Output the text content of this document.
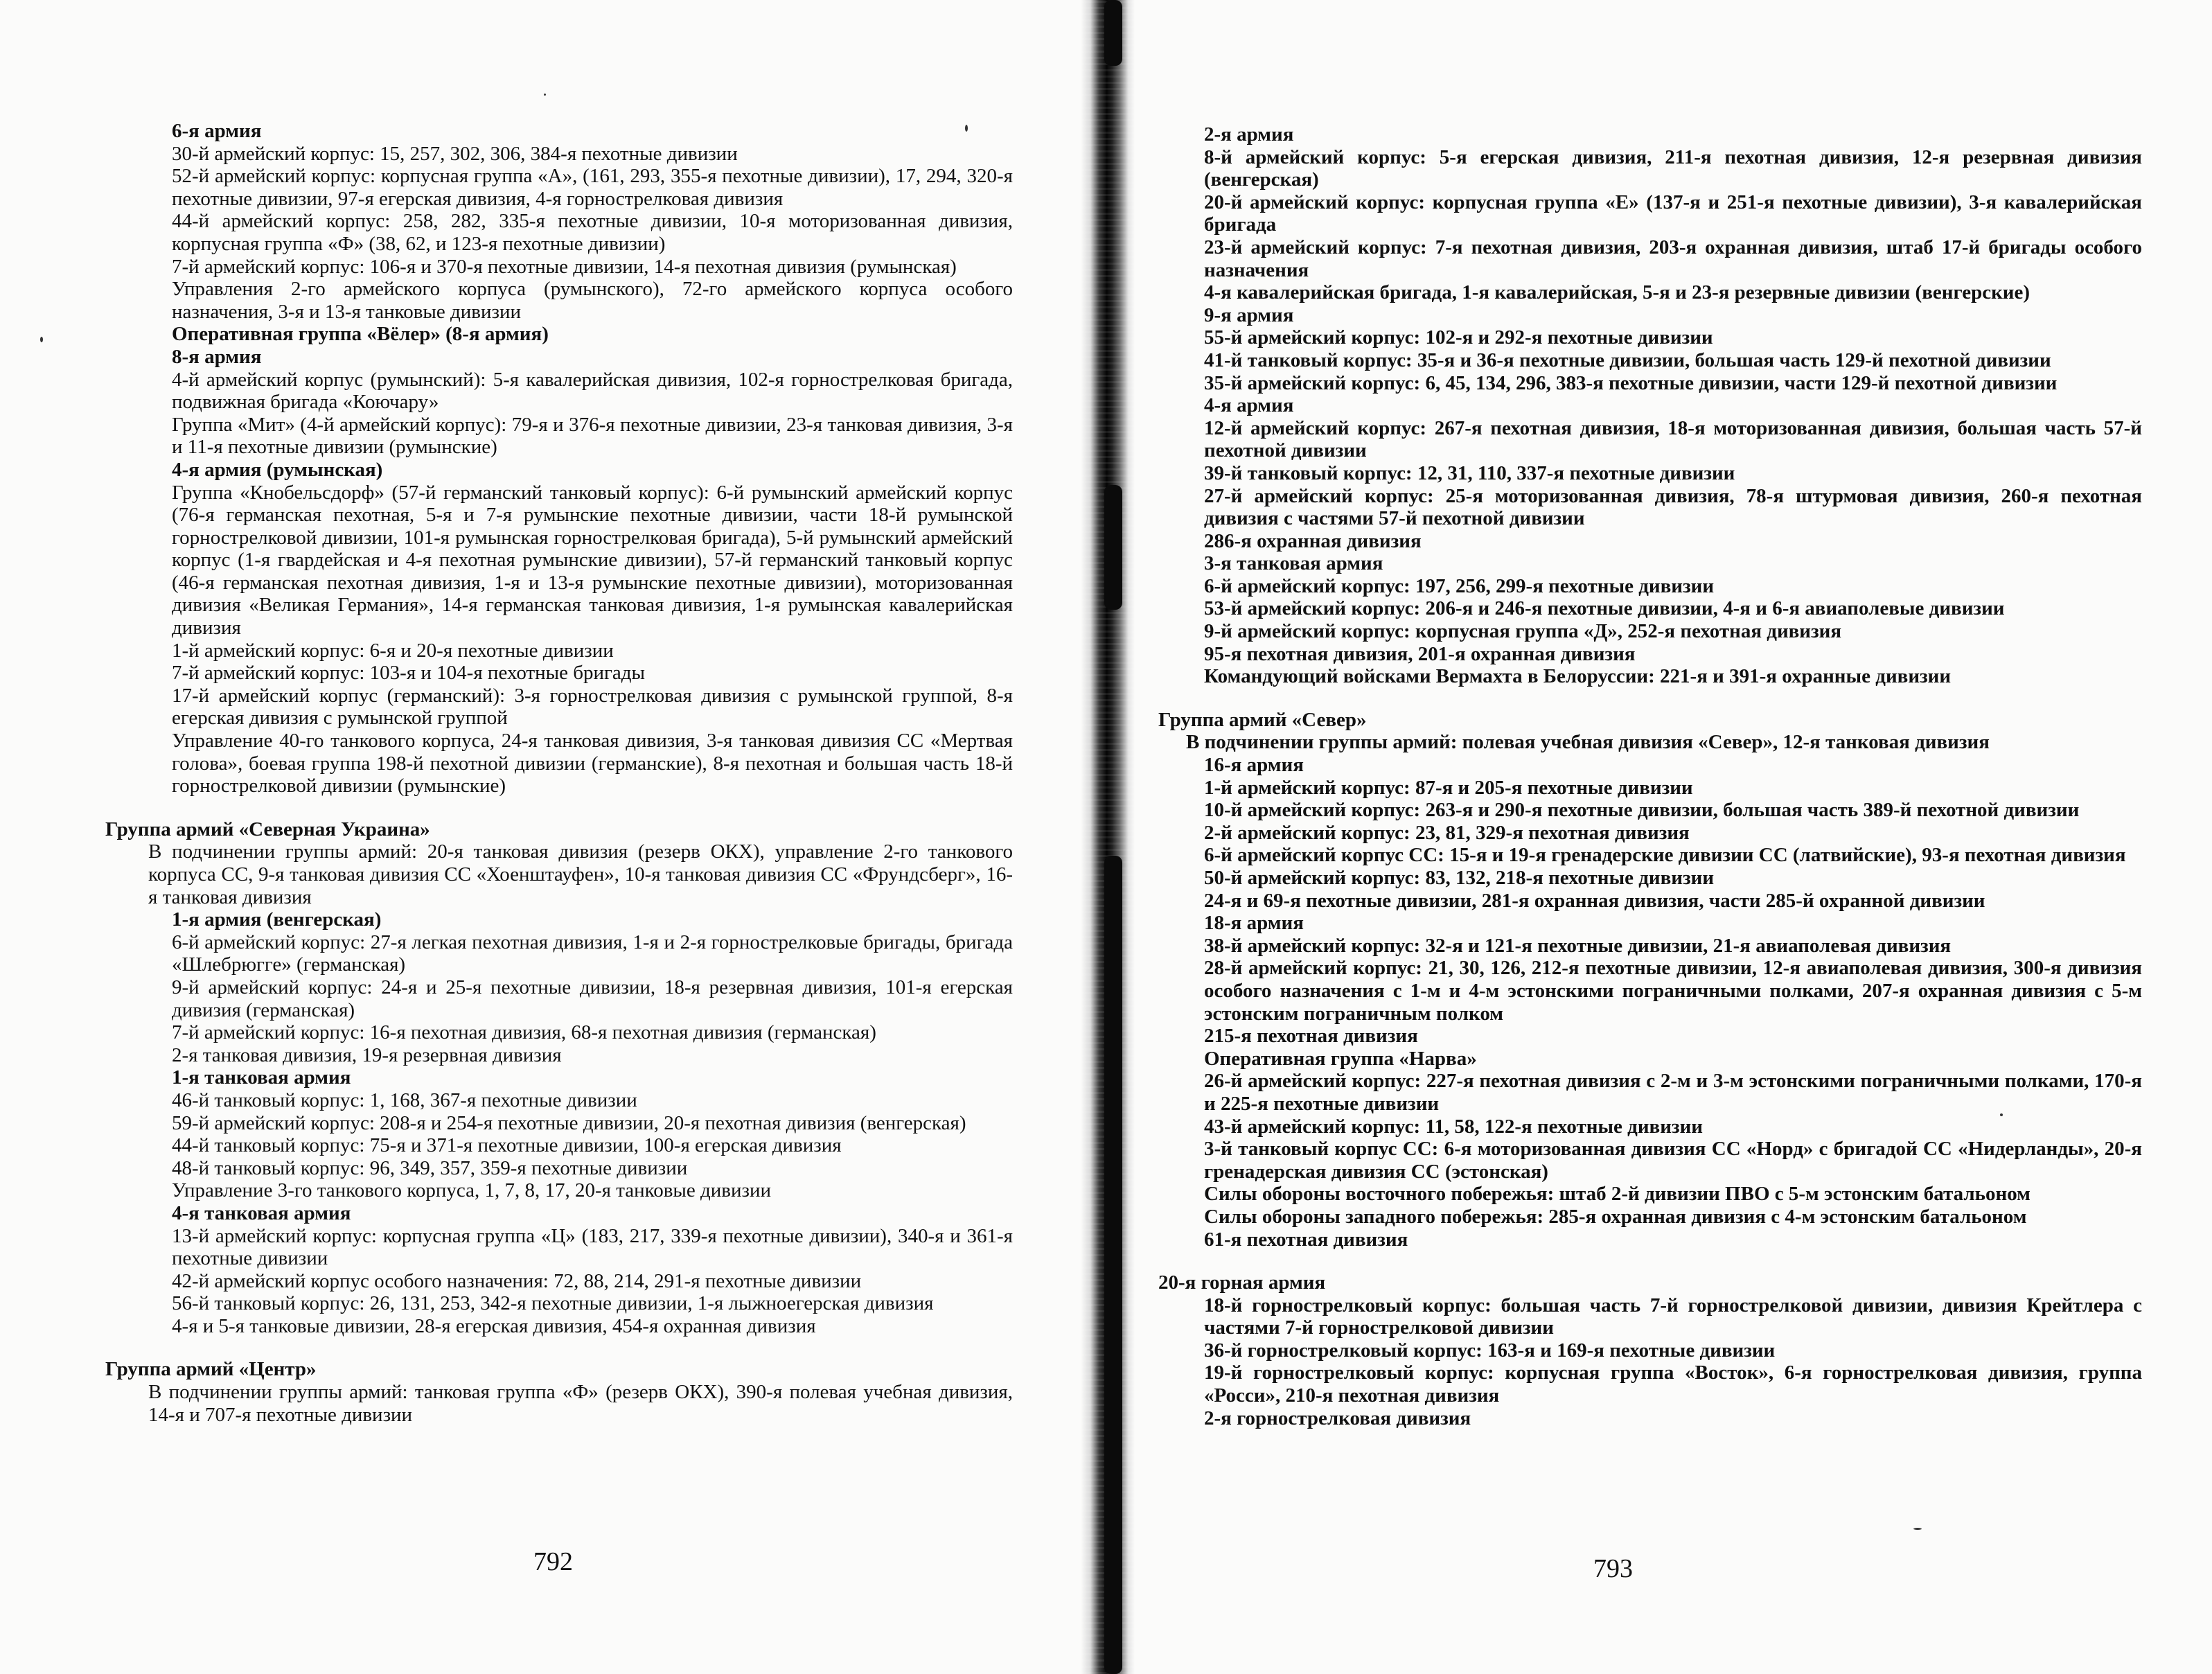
6-я армия

30-й армейский корпус: 15, 257, 302, 306, 384-я пехотные дивизии

52-й армейский корпус: корпусная группа «А», (161, 293, 355-я пехотные дивизии), 17, 294, 320-я пехотные дивизии, 97-я егерская дивизия, 4-я горнострелковая дивизия

44-й армейский корпус: 258, 282, 335-я пехотные дивизии, 10-я моторизованная дивизия, корпусная группа «Ф» (38, 62, и 123-я пехотные дивизии)

7-й армейский корпус: 106-я и 370-я пехотные дивизии, 14-я пехотная дивизия (румынская)

Управления 2-го армейского корпуса (румынского), 72-го армейского корпуса особого назначения, 3-я и 13-я танковые дивизии

Оперативная группа «Вёлер» (8-я армия)

8-я армия

4-й армейский корпус (румынский): 5-я кавалерийская дивизия, 102-я горнострелковая бригада, подвижная бригада «Коючару»

Группа «Мит» (4-й армейский корпус): 79-я и 376-я пехотные дивизии, 23-я танковая дивизия, 3-я и 11-я пехотные дивизии (румынские)

4-я армия (румынская)

Группа «Кнобельсдорф» (57-й германский танковый корпус): 6-й румынский армейский корпус (76-я германская пехотная, 5-я и 7-я румынские пехотные дивизии, части 18-й румынской горнострелковой дивизии, 101-я румынская горнострелковая бригада), 5-й румынский армейский корпус (1-я гвардейская и 4-я пехотная румынские дивизии), 57-й германский танковый корпус (46-я германская пехотная дивизия, 1-я и 13-я румынские пехотные дивизии), моторизованная дивизия «Великая Германия», 14-я германская танковая дивизия, 1-я румынская кавалерийская дивизия

1-й армейский корпус: 6-я и 20-я пехотные дивизии

7-й армейский корпус: 103-я и 104-я пехотные бригады

17-й армейский корпус (германский): 3-я горнострелковая дивизия с румынской группой, 8-я егерская дивизия с румынской группой

Управление 40-го танкового корпуса, 24-я танковая дивизия, 3-я танковая дивизия СС «Мертвая голова», боевая группа 198-й пехотной дивизии (германские), 8-я пехотная и большая часть 18-й горнострелковой дивизии (румынские)

Группа армий «Северная Украина»

В подчинении группы армий: 20-я танковая дивизия (резерв ОКХ), управление 2-го танкового корпуса СС, 9-я танковая дивизия СС «Хоенштауфен», 10-я танковая дивизия СС «Фрундсберг», 16-я танковая дивизия

1-я армия (венгерская)

6-й армейский корпус: 27-я легкая пехотная дивизия, 1-я и 2-я горнострелковые бригады, бригада «Шлебрюгге» (германская)

9-й армейский корпус: 24-я и 25-я пехотные дивизии, 18-я резервная дивизия, 101-я егерская дивизия (германская)

7-й армейский корпус: 16-я пехотная дивизия, 68-я пехотная дивизия (германская)

2-я танковая дивизия, 19-я резервная дивизия

1-я танковая армия

46-й танковый корпус: 1, 168, 367-я пехотные дивизии

59-й армейский корпус: 208-я и 254-я пехотные дивизии, 20-я пехотная дивизия (венгерская)

44-й танковый корпус: 75-я и 371-я пехотные дивизии, 100-я егерская дивизия

48-й танковый корпус: 96, 349, 357, 359-я пехотные дивизии

Управление 3-го танкового корпуса, 1, 7, 8, 17, 20-я танковые дивизии

4-я танковая армия

13-й армейский корпус: корпусная группа «Ц» (183, 217, 339-я пехотные дивизии), 340-я и 361-я пехотные дивизии

42-й армейский корпус особого назначения: 72, 88, 214, 291-я пехотные дивизии

56-й танковый корпус: 26, 131, 253, 342-я пехотные дивизии, 1-я лыжноегерская дивизия

4-я и 5-я танковые дивизии, 28-я егерская дивизия, 454-я охранная дивизия

Группа армий «Центр»

В подчинении группы армий: танковая группа «Ф» (резерв ОКХ), 390-я полевая учебная дивизия, 14-я и 707-я пехотные дивизии

792

2-я армия

8-й армейский корпус: 5-я егерская дивизия, 211-я пехотная дивизия, 12-я резервная дивизия (венгерская)

20-й армейский корпус: корпусная группа «Е» (137-я и 251-я пехотные дивизии), 3-я кавалерийская бригада

23-й армейский корпус: 7-я пехотная дивизия, 203-я охранная дивизия, штаб 17-й бригады особого назначения

4-я кавалерийская бригада, 1-я кавалерийская, 5-я и 23-я резервные дивизии (венгерские)

9-я армия

55-й армейский корпус: 102-я и 292-я пехотные дивизии

41-й танковый корпус: 35-я и 36-я пехотные дивизии, большая часть 129-й пехотной дивизии

35-й армейский корпус: 6, 45, 134, 296, 383-я пехотные дивизии, части 129-й пехотной дивизии

4-я армия

12-й армейский корпус: 267-я пехотная дивизия, 18-я моторизованная дивизия, большая часть 57-й пехотной дивизии

39-й танковый корпус: 12, 31, 110, 337-я пехотные дивизии

27-й армейский корпус: 25-я моторизованная дивизия, 78-я штурмовая дивизия, 260-я пехотная дивизия с частями 57-й пехотной дивизии

286-я охранная дивизия

3-я танковая армия

6-й армейский корпус: 197, 256, 299-я пехотные дивизии

53-й армейский корпус: 206-я и 246-я пехотные дивизии, 4-я и 6-я авиаполевые дивизии

9-й армейский корпус: корпусная группа «Д», 252-я пехотная дивизия

95-я пехотная дивизия, 201-я охранная дивизия

Командующий войсками Вермахта в Белоруссии: 221-я и 391-я охранные дивизии

Группа армий «Север»

В подчинении группы армий: полевая учебная дивизия «Север», 12-я танковая дивизия

16-я армия

1-й армейский корпус: 87-я и 205-я пехотные дивизии

10-й армейский корпус: 263-я и 290-я пехотные дивизии, большая часть 389-й пехотной дивизии

2-й армейский корпус: 23, 81, 329-я пехотная дивизия

6-й армейский корпус СС: 15-я и 19-я гренадерские дивизии СС (латвийские), 93-я пехотная дивизия

50-й армейский корпус: 83, 132, 218-я пехотные дивизии

24-я и 69-я пехотные дивизии, 281-я охранная дивизия, части 285-й охранной дивизии

18-я армия

38-й армейский корпус: 32-я и 121-я пехотные дивизии, 21-я авиаполевая дивизия

28-й армейский корпус: 21, 30, 126, 212-я пехотные дивизии, 12-я авиаполевая дивизия, 300-я дивизия особого назначения с 1-м и 4-м эстонскими пограничными полками, 207-я охранная дивизия с 5-м эстонским пограничным полком

215-я пехотная дивизия

Оперативная группа «Нарва»

26-й армейский корпус: 227-я пехотная дивизия с 2-м и 3-м эстонскими пограничными полками, 170-я и 225-я пехотные дивизии

43-й армейский корпус: 11, 58, 122-я пехотные дивизии

3-й танковый корпус СС: 6-я моторизованная дивизия СС «Норд» с бригадой СС «Нидерланды», 20-я гренадерская дивизия СС (эстонская)

Силы обороны восточного побережья: штаб 2-й дивизии ПВО с 5-м эстонским батальоном

Силы обороны западного побережья: 285-я охранная дивизия с 4-м эстонским батальоном

61-я пехотная дивизия

20-я горная армия

18-й горнострелковый корпус: большая часть 7-й горнострелковой дивизии, дивизия Крейтлера с частями 7-й горнострелковой дивизии

36-й горнострелковый корпус: 163-я и 169-я пехотные дивизии

19-й горнострелковый корпус: корпусная группа «Восток», 6-я горнострелковая дивизия, группа «Росси», 210-я пехотная дивизия

2-я горнострелковая дивизия

793
